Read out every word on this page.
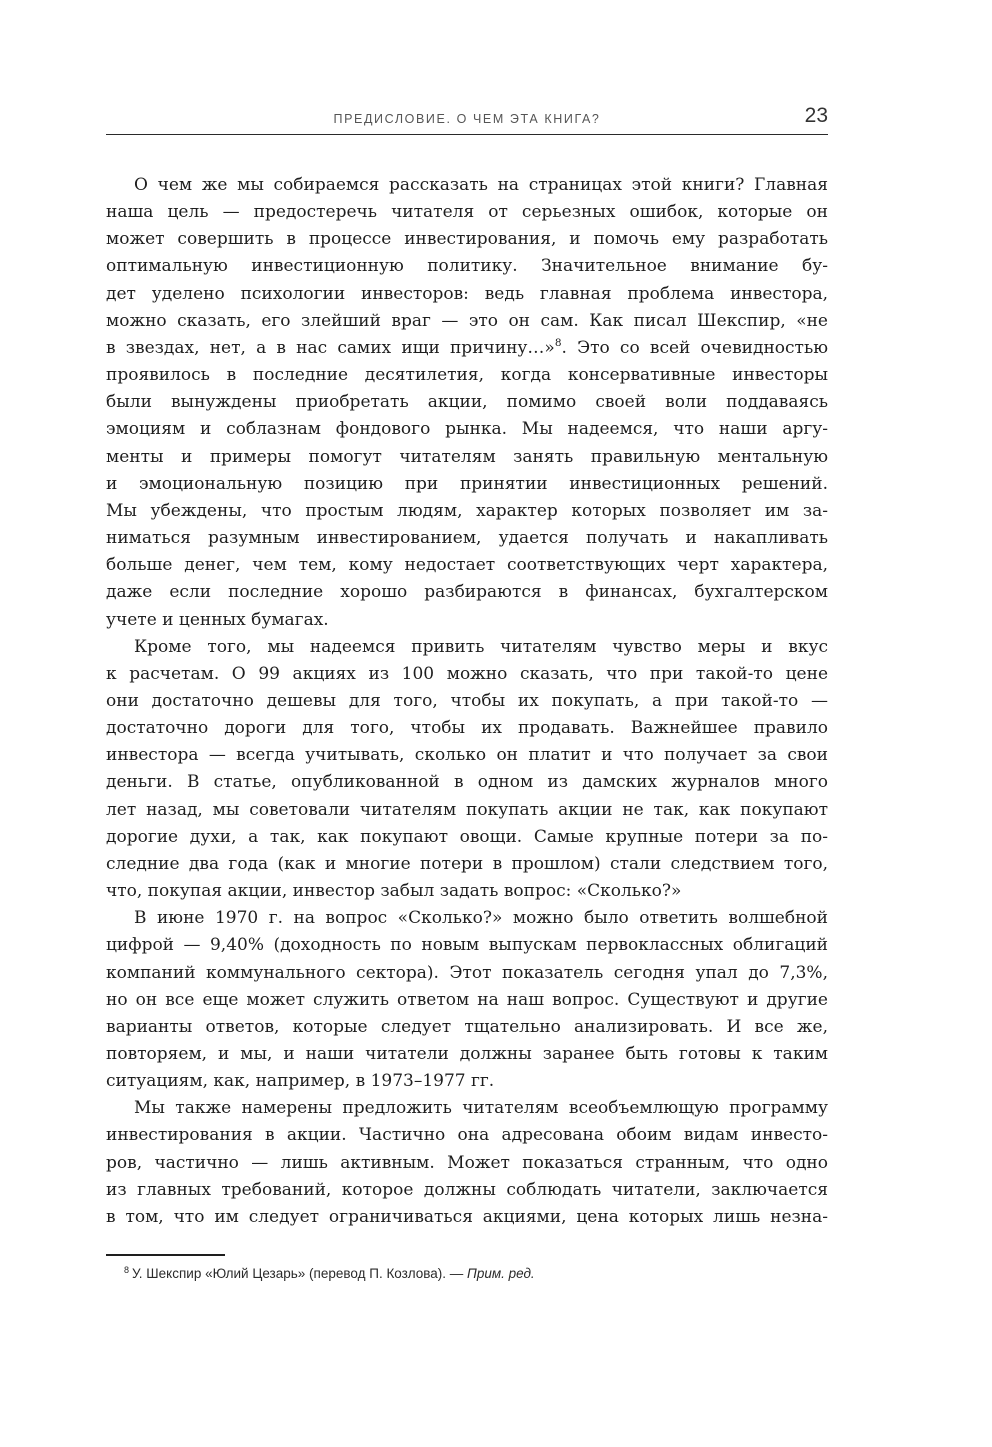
ПРЕДИСЛОВИЕ. О ЧЕМ ЭТА КНИГА?	23
О чем же мы собираемся рассказать на страницах этой книги? Главная
наша цель — предостеречь читателя от серьезных ошибок, которые он
может совершить в процессе инвестирования, и помочь ему разработать
оптимальную инвестиционную политику. Значительное внимание бу-
дет уделено психологии инвесторов: ведь главная проблема инвестора,
можно сказать, его злейший враг — это он сам. Как писал Шекспир, «не
в звездах, нет, а в нас самих ищи причину…»$^8$. Это со всей очевидностью
проявилось в последние десятилетия, когда консервативные инвесторы
были вынуждены приобретать акции, помимо своей воли поддаваясь
эмоциям и соблазнам фондового рынка. Мы надеемся, что наши аргу-
менты и примеры помогут читателям занять правильную ментальную
и эмоциональную позицию при принятии инвестиционных решений.
Мы убеждены, что простым людям, характер которых позволяет им за-
ниматься разумным инвестированием, удается получать и накапливать
больше денег, чем тем, кому недостает соответствующих черт характера,
даже если последние хорошо разбираются в финансах, бухгалтерском
учете и ценных бумагах.
Кроме того, мы надеемся привить читателям чувство меры и вкус
к расчетам. О 99 акциях из 100 можно сказать, что при такой-то цене
они достаточно дешевы для того, чтобы их покупать, а при такой-то —
достаточно дороги для того, чтобы их продавать. Важнейшее правило
инвестора — всегда учитывать, сколько он платит и что получает за свои
деньги. В статье, опубликованной в одном из дамских журналов много
лет назад, мы советовали читателям покупать акции не так, как покупают
дорогие духи, а так, как покупают овощи. Самые крупные потери за по-
следние два года (как и многие потери в прошлом) стали следствием того,
что, покупая акции, инвестор забыл задать вопрос: «Сколько?»
В июне 1970 г. на вопрос «Сколько?» можно было ответить волшебной
цифрой — 9,40% (доходность по новым выпускам первоклассных облигаций
компаний коммунального сектора). Этот показатель сегодня упал до 7,3%,
но он все еще может служить ответом на наш вопрос. Существуют и другие
варианты ответов, которые следует тщательно анализировать. И все же,
повторяем, и мы, и наши читатели должны заранее быть готовы к таким
ситуациям, как, например, в 1973–1977 гг.
Мы также намерены предложить читателям всеобъемлющую программу
инвестирования в акции. Частично она адресована обоим видам инвесто-
ров, частично — лишь активным. Может показаться странным, что одно
из главных требований, которое должны соблюдать читатели, заключается
в том, что им следует ограничиваться акциями, цена которых лишь незна-
$^8$ У. Шекспир «Юлий Цезарь» (перевод П. Козлова). — Прим. ред.
